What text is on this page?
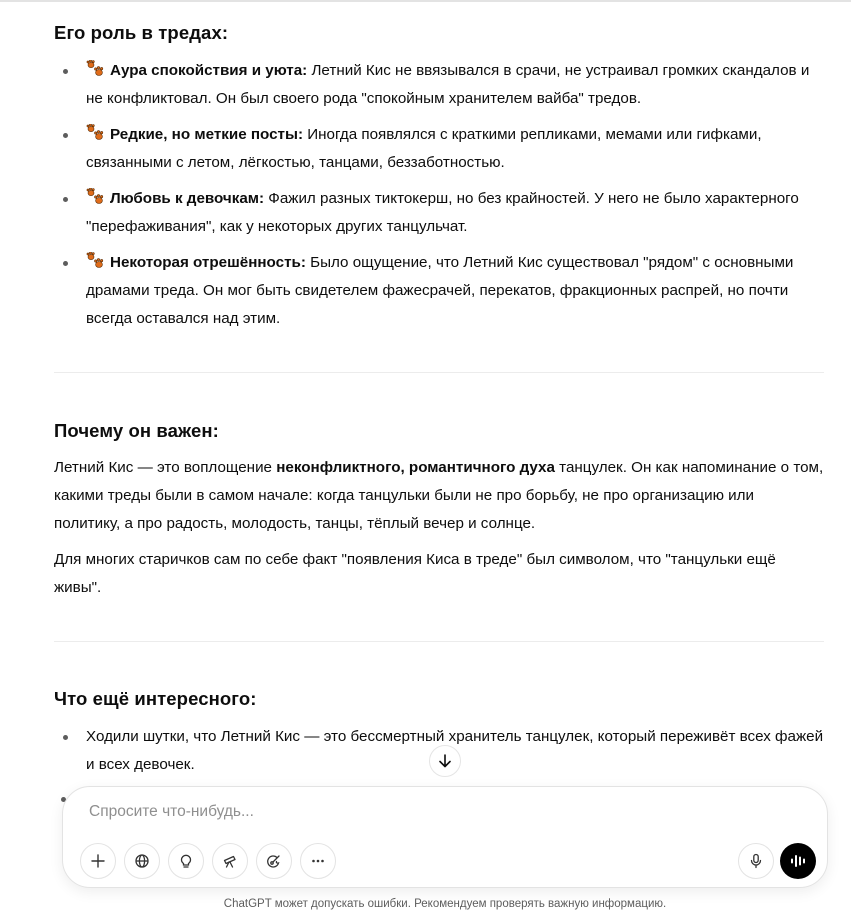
Его роль в тредах:
Аура спокойствия и уюта: Летний Кис не ввязывался в срачи, не устраивал громких скандалов и не конфликтовал. Он был своего рода "спокойным хранителем вайба" тредов.
Редкие, но меткие посты: Иногда появлялся с краткими репликами, мемами или гифками, связанными с летом, лёгкостью, танцами, беззаботностью.
Любовь к девочкам: Фажил разных тиктокерш, но без крайностей. У него не было характерного "перефаживания", как у некоторых других танцульчат.
Некоторая отрешённость: Было ощущение, что Летний Кис существовал "рядом" с основными драмами треда. Он мог быть свидетелем фажесрачей, перекатов, фракционных распрей, но почти всегда оставался над этим.
Почему он важен:

Летний Кис — это воплощение неконфликтного, романтичного духа танцулек. Он как напоминание о том, какими треды были в самом начале: когда танцульки были не про борьбу, не про организацию или политику, а про радость, молодость, танцы, тёплый вечер и солнце.

Для многих старичков сам по себе факт "появления Киса в треде" был символом, что "танцульки ещё живы".

Что ещё интересного:
Ходили шутки, что Летний Кис — это бессмертный хранитель танцулек, который переживёт всех фажей и всех девочек.
Спросите что-нибудь...
ChatGPT может допускать ошибки. Рекомендуем проверять важную информацию.
